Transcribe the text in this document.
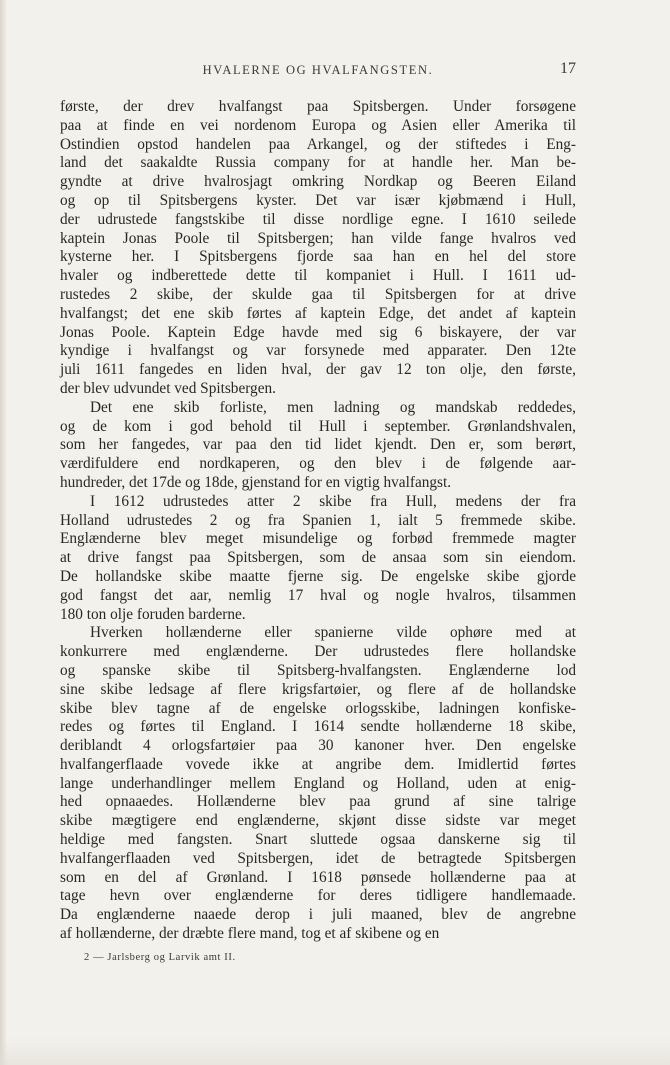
HVALERNE OG HVALFANGSTEN.	17
første, der drev hvalfangst paa Spitsbergen. Under forsøgene
paa at finde en vei nordenom Europa og Asien eller Amerika til
Ostindien opstod handelen paa Arkangel, og der stiftedes i Eng-
land det saakaldte Russia company for at handle her. Man be-
gyndte at drive hvalrosjagt omkring Nordkap og Beeren Eiland
og op til Spitsbergens kyster. Det var især kjøbmænd i Hull,
der udrustede fangstskibe til disse nordlige egne. I 1610 seilede
kaptein Jonas Poole til Spitsbergen; han vilde fange hvalros ved
kysterne her. I Spitsbergens fjorde saa han en hel del store
hvaler og indberettede dette til kompaniet i Hull. I 1611 ud-
rustedes 2 skibe, der skulde gaa til Spitsbergen for at drive
hvalfangst; det ene skib førtes af kaptein Edge, det andet af kaptein
Jonas Poole. Kaptein Edge havde med sig 6 biskayere, der var
kyndige i hvalfangst og var forsynede med apparater. Den 12te
juli 1611 fangedes en liden hval, der gav 12 ton olje, den første,
der blev udvundet ved Spitsbergen.
Det ene skib forliste, men ladning og mandskab reddedes,
og de kom i god behold til Hull i september. Grønlandshvalen,
som her fangedes, var paa den tid lidet kjendt. Den er, som berørt,
værdifuldere end nordkaperen, og den blev i de følgende aar-
hundreder, det 17de og 18de, gjenstand for en vigtig hvalfangst.
I 1612 udrustedes atter 2 skibe fra Hull, medens der fra
Holland udrustedes 2 og fra Spanien 1, ialt 5 fremmede skibe.
Englænderne blev meget misundelige og forbød fremmede magter
at drive fangst paa Spitsbergen, som de ansaa som sin eiendom.
De hollandske skibe maatte fjerne sig. De engelske skibe gjorde
god fangst det aar, nemlig 17 hval og nogle hvalros, tilsammen
180 ton olje foruden barderne.
Hverken hollænderne eller spanierne vilde ophøre med at
konkurrere med englænderne. Der udrustedes flere hollandske
og spanske skibe til Spitsberg-hvalfangsten. Englænderne lod
sine skibe ledsage af flere krigsfartøier, og flere af de hollandske
skibe blev tagne af de engelske orlogsskibe, ladningen konfiske-
redes og førtes til England. I 1614 sendte hollænderne 18 skibe,
deriblandt 4 orlogsfartøier paa 30 kanoner hver. Den engelske
hvalfangerflaade vovede ikke at angribe dem. Imidlertid førtes
lange underhandlinger mellem England og Holland, uden at enig-
hed opnaaedes. Hollænderne blev paa grund af sine talrige
skibe mægtigere end englænderne, skjønt disse sidste var meget
heldige med fangsten. Snart sluttede ogsaa danskerne sig til
hvalfangerflaaden ved Spitsbergen, idet de betragtede Spitsbergen
som en del af Grønland. I 1618 pønsede hollænderne paa at
tage hevn over englænderne for deres tidligere handlemaade.
Da englænderne naaede derop i juli maaned, blev de angrebne
af hollænderne, der dræbte flere mand, tog et af skibene og en
2 — Jarlsberg og Larvik amt II.
